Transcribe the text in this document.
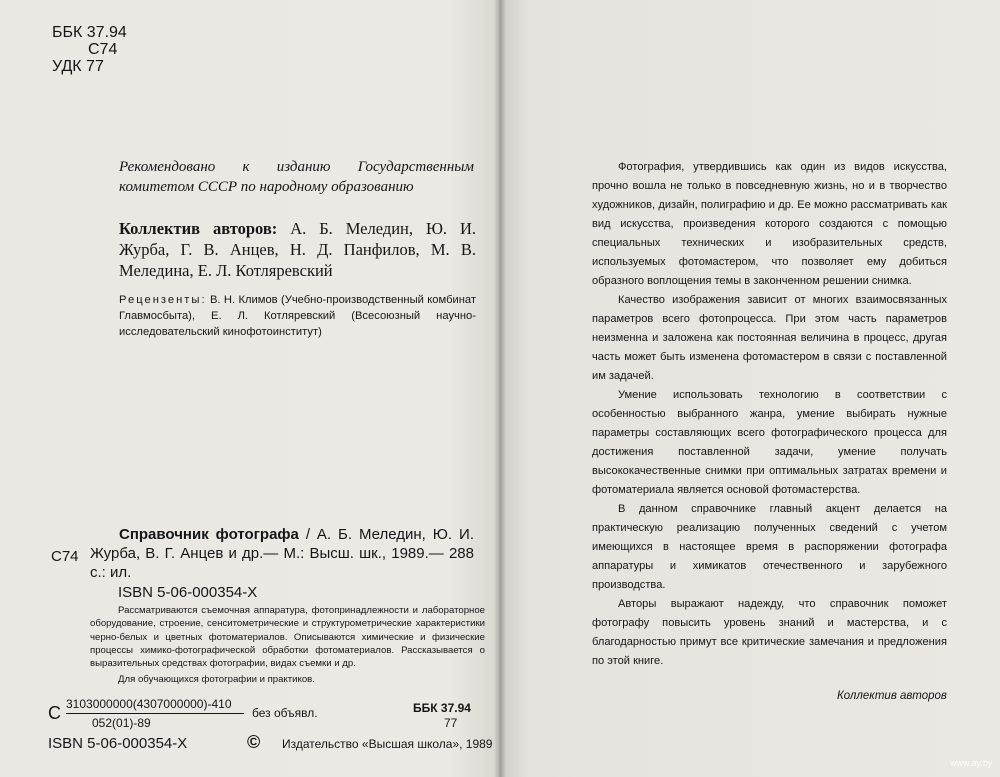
ББК 37.94
С74
УДК 77
Рекомендовано к изданию Государственным комитетом СССР по народному образованию
Коллектив авторов: А. Б. Меледин, Ю. И. Журба, Г. В. Анцев, Н. Д. Панфилов, М. В. Меледина, Е. Л. Котляревский
Рецензенты: В. Н. Климов (Учебно-производственный комбинат Главмосбыта), Е. Л. Котляревский (Всесоюзный научно-исследовательский кинофотоинститут)
С74
Справочник фотографа / А. Б. Меледин, Ю. И. Журба, В. Г. Анцев и др.— М.: Высш. шк., 1989.— 288 с.: ил.
ISBN 5-06-000354-X
Рассматриваются съемочная аппаратура, фотопринадлежности и лабораторное оборудование, строение, сенситометрические и структурометрические характеристики черно-белых и цветных фотоматериалов. Описываются химические и физические процессы химико-фотографической обработки фотоматериалов. Рассказывается о выразительных средствах фотографии, видах съемки и др.
Для обучающихся фотографии и практиков.
С 3103000000(4307000000)-410
052(01)-89
без объявл.	ББК 37.94
77
ISBN 5-06-000354-X	© Издательство «Высшая школа», 1989

Фотография, утвердившись как один из видов искусства, прочно вошла не только в повседневную жизнь, но и в творчество художников, дизайн, полиграфию и др. Ее можно рассматривать как вид искусства, произведения которого создаются с помощью специальных технических и изобразительных средств, используемых фотомастером, что позволяет ему добиться образного воплощения темы в законченном решении снимка.

Качество изображения зависит от многих взаимосвязанных параметров всего фотопроцесса. При этом часть параметров неизменна и заложена как постоянная величина в процесс, другая часть может быть изменена фотомастером в связи с поставленной им задачей.

Умение использовать технологию в соответствии с особенностью выбранного жанра, умение выбирать нужные параметры составляющих всего фотографического процесса для достижения поставленной задачи, умение получать высококачественные снимки при оптимальных затратах времени и фотоматериала является основой фотомастерства.

В данном справочнике главный акцент делается на практическую реализацию полученных сведений с учетом имеющихся в настоящее время в распоряжении фотографа аппаратуры и химикатов отечественного и зарубежного производства.

Авторы выражают надежду, что справочник поможет фотографу повысить уровень знаний и мастерства, и с благодарностью примут все критические замечания и предложения по этой книге.

Коллектив авторов
www.ay.by
